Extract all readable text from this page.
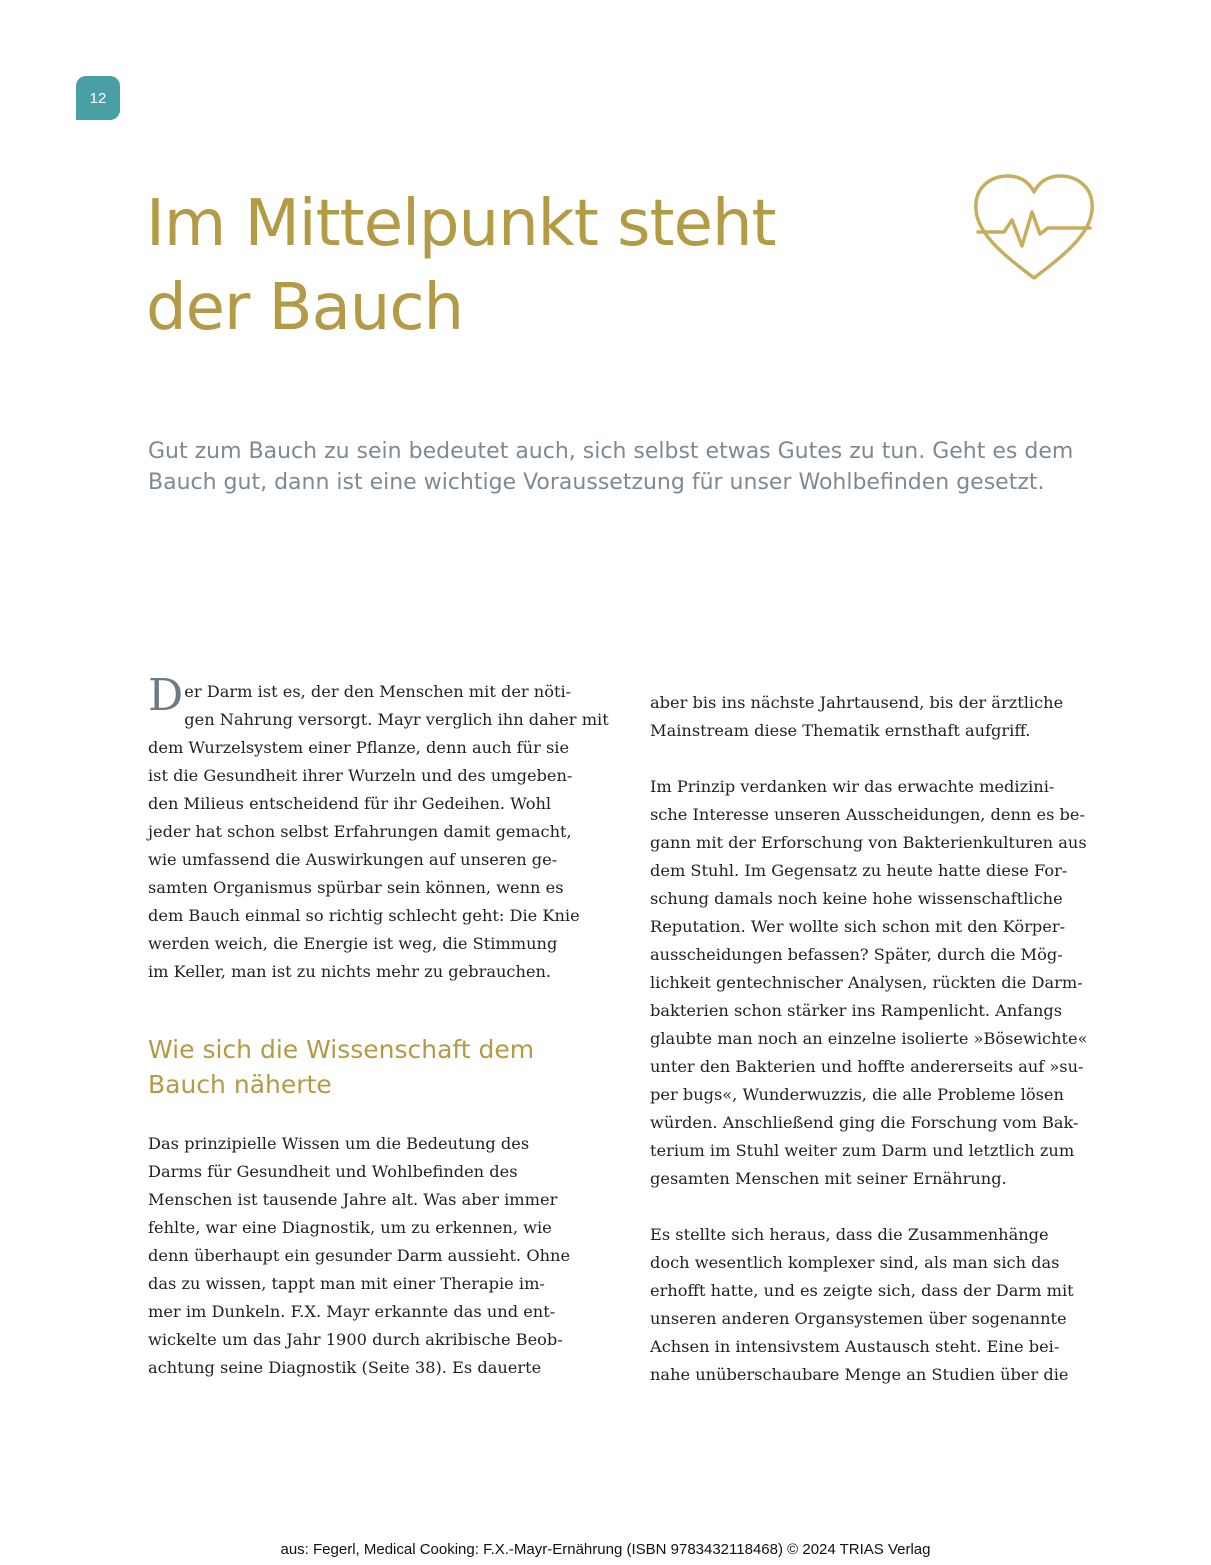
12
Im Mittelpunkt steht
der Bauch

Gut zum Bauch zu sein bedeutet auch, sich selbst etwas Gutes zu tun. Geht es dem
Bauch gut, dann ist eine wichtige Voraussetzung für unser Wohlbefinden gesetzt.

D er Darm ist es, der den Menschen mit der nöti-
gen Nahrung versorgt. Mayr verglich ihn daher mit
dem Wurzelsystem einer Pflanze, denn auch für sie
ist die Gesundheit ihrer Wurzeln und des umgeben-
den Milieus entscheidend für ihr Gedeihen. Wohl
jeder hat schon selbst Erfahrungen damit gemacht,
wie umfassend die Auswirkungen auf unseren ge-
samten Organismus spürbar sein können, wenn es
dem Bauch einmal so richtig schlecht geht: Die Knie
werden weich, die Energie ist weg, die Stimmung
im Keller, man ist zu nichts mehr zu gebrauchen.
Wie sich die Wissenschaft dem
Bauch näherte
Das prinzipielle Wissen um die Bedeutung des
Darms für Gesundheit und Wohlbefinden des
Menschen ist tausende Jahre alt. Was aber immer
fehlte, war eine Diagnostik, um zu erkennen, wie
denn überhaupt ein gesunder Darm aussieht. Ohne
das zu wissen, tappt man mit einer Therapie im-
mer im Dunkeln. F.X. Mayr erkannte das und ent-
wickelte um das Jahr 1900 durch akribische Beob-
achtung seine Diagnostik (Seite 38). Es dauerte
aber bis ins nächste Jahrtausend, bis der ärztliche
Mainstream diese Thematik ernsthaft aufgriff.
Im Prinzip verdanken wir das erwachte medizini-
sche Interesse unseren Ausscheidungen, denn es be-
gann mit der Erforschung von Bakterienkulturen aus
dem Stuhl. Im Gegensatz zu heute hatte diese For-
schung damals noch keine hohe wissenschaftliche
Reputation. Wer wollte sich schon mit den Körper-
ausscheidungen befassen? Später, durch die Mög-
lichkeit gentechnischer Analysen, rückten die Darm-
bakterien schon stärker ins Rampenlicht. Anfangs
glaubte man noch an einzelne isolierte »Bösewichte«
unter den Bakterien und hoffte andererseits auf »su-
per bugs«, Wunderwuzzis, die alle Probleme lösen
würden. Anschließend ging die Forschung vom Bak-
terium im Stuhl weiter zum Darm und letztlich zum
gesamten Menschen mit seiner Ernährung.
Es stellte sich heraus, dass die Zusammenhänge
doch wesentlich komplexer sind, als man sich das
erhofft hatte, und es zeigte sich, dass der Darm mit
unseren anderen Organsystemen über sogenannte
Achsen in intensivstem Austausch steht. Eine bei-
nahe unüberschaubare Menge an Studien über die
aus: Fegerl, Medical Cooking: F.X.-Mayr-Ernährung (ISBN 9783432118468) © 2024 TRIAS Verlag
